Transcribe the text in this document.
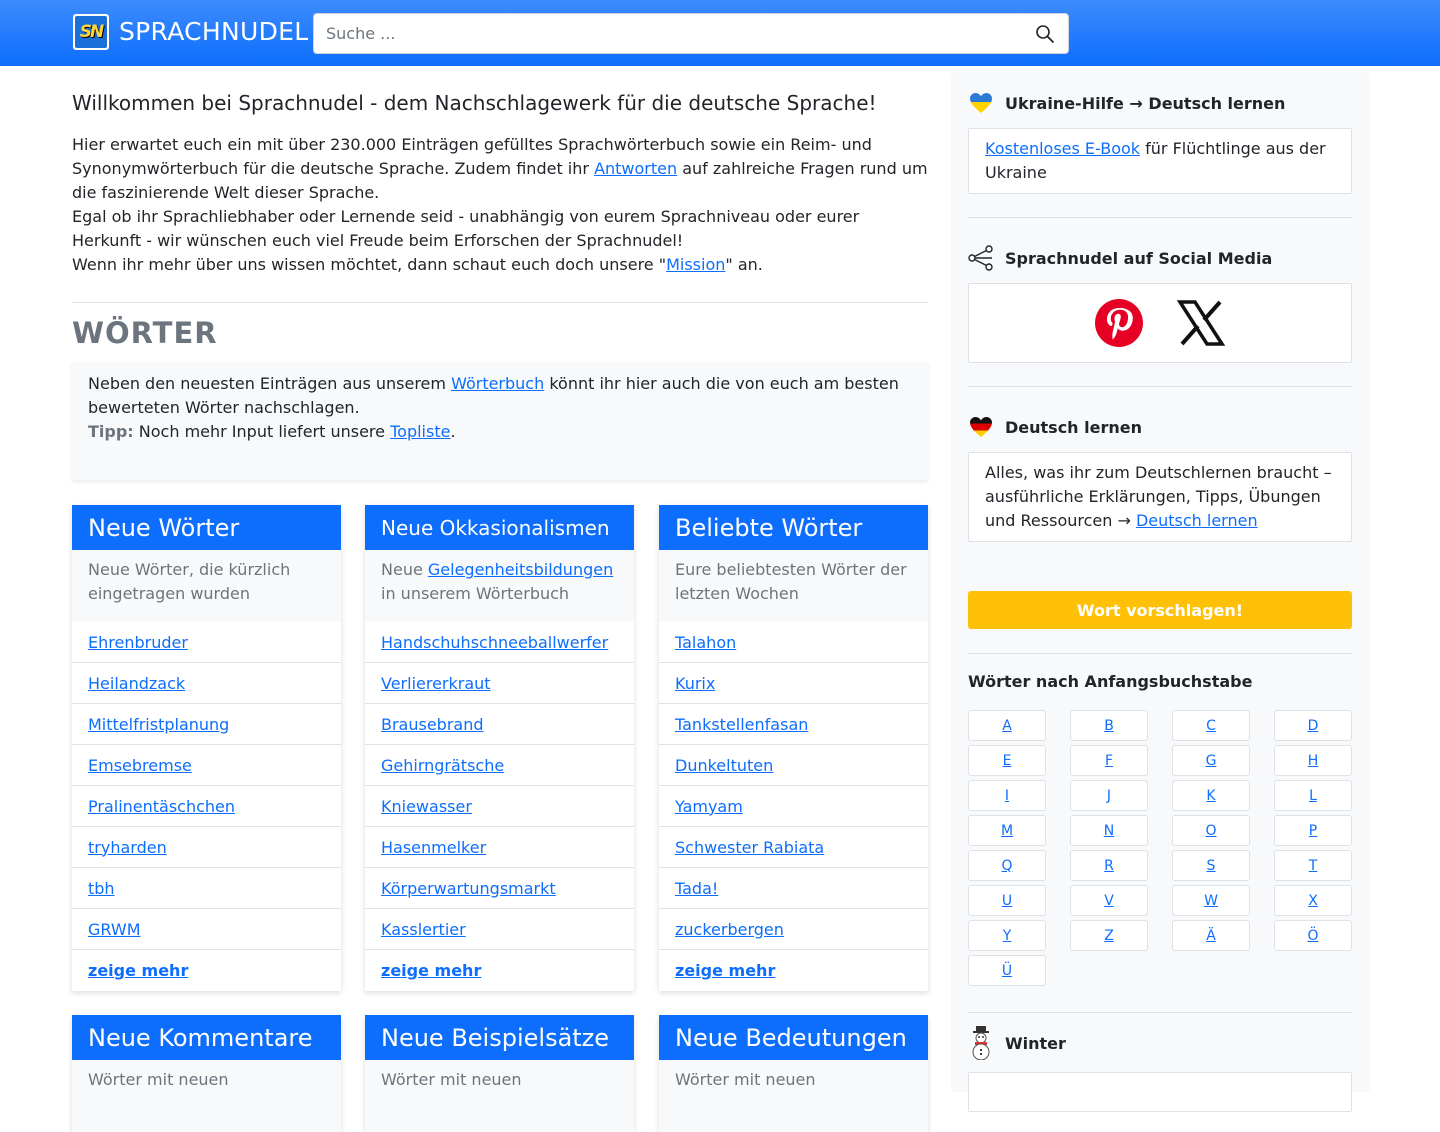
SN SPRACHNUDEL
Suche ...
Willkommen bei Sprachnudel - dem Nachschlagewerk für die deutsche Sprache!

Hier erwartet euch ein mit über 230.000 Einträgen gefülltes Sprachwörterbuch sowie ein Reim- und Synonymwörterbuch für die deutsche Sprache. Zudem findet ihr Antworten auf zahlreiche Fragen rund um die faszinierende Welt dieser Sprache.

Egal ob ihr Sprachliebhaber oder Lernende seid - unabhängig von eurem Sprachniveau oder eurer Herkunft - wir wünschen euch viel Freude beim Erforschen der Sprachnudel!

Wenn ihr mehr über uns wissen möchtet, dann schaut euch doch unsere "Mission" an.

WÖRTER

Neben den neuesten Einträgen aus unserem Wörterbuch könnt ihr hier auch die von euch am besten bewerteten Wörter nachschlagen.

Tipp: Noch mehr Input liefert unsere Topliste.

Neue Wörter
Neue Wörter, die kürzlich eingetragen wurden
Ehrenbruder
Heilandzack
Mittelfristplanung
Emsebremse
Pralinentäschchen
tryharden
tbh
GRWM
zeige mehr
Neue Okkasionalismen
Neue Gelegenheitsbildungen in unserem Wörterbuch
Handschuhschneeballwerfer
Verliererkraut
Brausebrand
Gehirngrätsche
Kniewasser
Hasenmelker
Körperwartungsmarkt
Kasslertier
zeige mehr
Beliebte Wörter
Eure beliebtesten Wörter der letzten Wochen
Talahon
Kurix
Tankstellenfasan
Dunkeltuten
Yamyam
Schwester Rabiata
Tada!
zuckerbergen
zeige mehr
Neue Kommentare
Wörter mit neuen
Neue Beispielsätze
Wörter mit neuen
Neue Bedeutungen
Wörter mit neuen
Ukraine-Hilfe → Deutsch lernen
Kostenloses E-Book für Flüchtlinge aus der Ukraine
Sprachnudel auf Social Media
Deutsch lernen
Alles, was ihr zum Deutschlernen braucht – ausführliche Erklärungen, Tipps, Übungen und Ressourcen → Deutsch lernen
Wort vorschlagen!
Wörter nach Anfangsbuchstabe
A	B	C	D
E	F	G	H
I	J	K	L
M	N	O	P
Q	R	S	T
U	V	W	X
Y	Z	Ä	Ö
Ü
Winter
